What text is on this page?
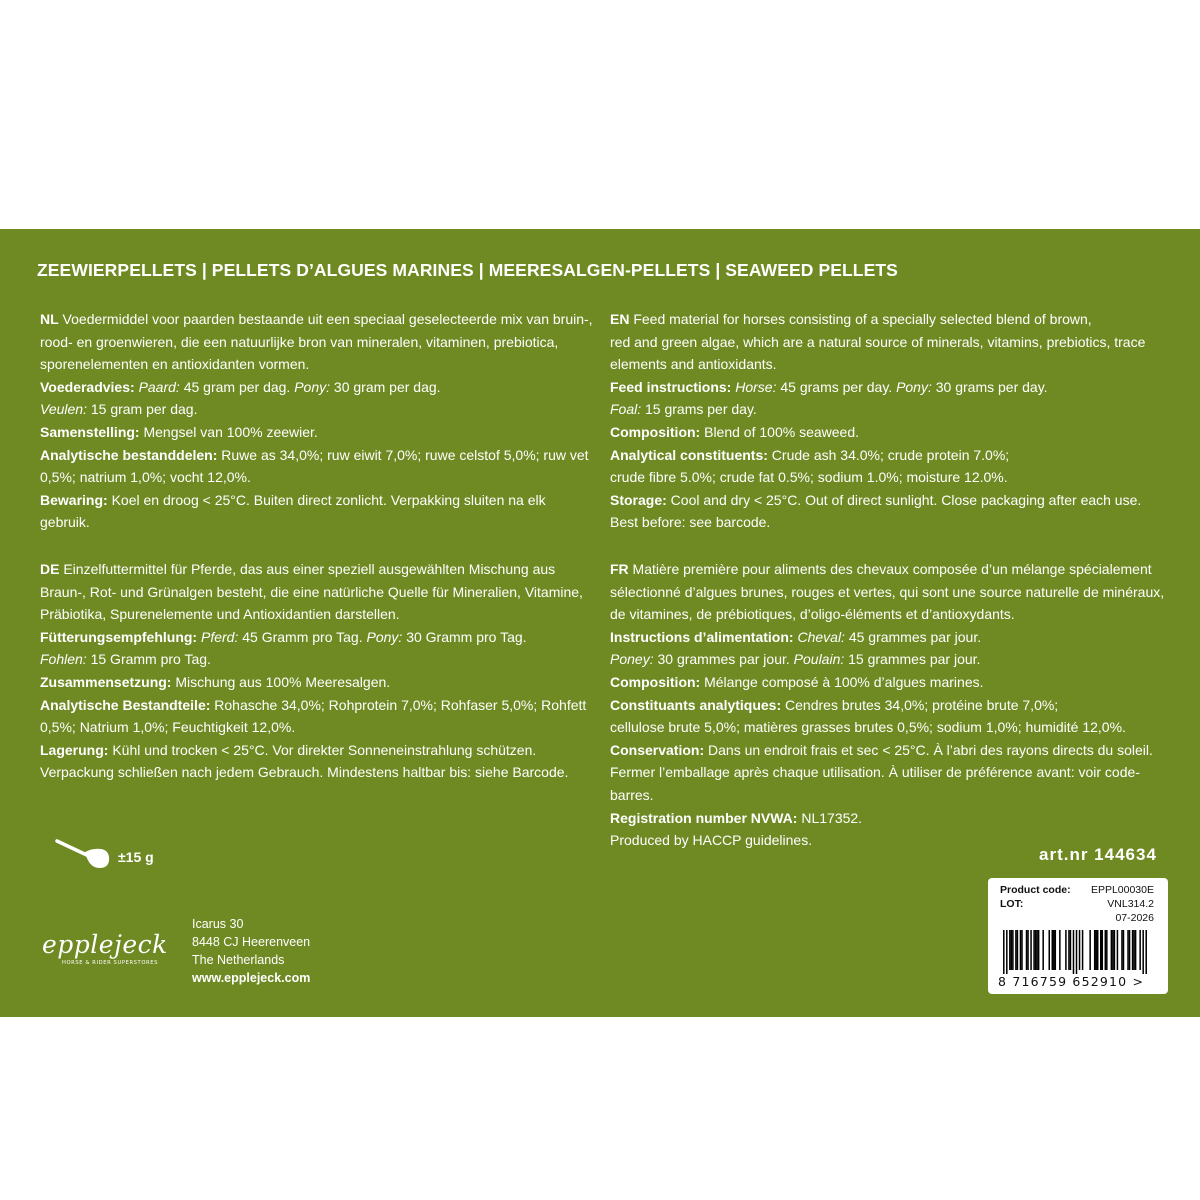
ZEEWIERPELLETS | PELLETS D’ALGUES MARINES | MEERESALGEN-PELLETS | SEAWEED PELLETS
NL Voedermiddel voor paarden bestaande uit een speciaal geselecteerde mix van bruin-,
rood- en groenwieren, die een natuurlijke bron van mineralen, vitaminen, prebiotica,
sporenelementen en antioxidanten vormen.
Voederadvies: Paard: 45 gram per dag. Pony: 30 gram per dag.
Veulen: 15 gram per dag.
Samenstelling: Mengsel van 100% zeewier.
Analytische bestanddelen: Ruwe as 34,0%; ruw eiwit 7,0%; ruwe celstof 5,0%; ruw vet
0,5%; natrium 1,0%; vocht 12,0%.
Bewaring: Koel en droog < 25°C. Buiten direct zonlicht. Verpakking sluiten na elk
gebruik.
DE Einzelfuttermittel für Pferde, das aus einer speziell ausgewählten Mischung aus
Braun-, Rot- und Grünalgen besteht, die eine natürliche Quelle für Mineralien, Vitamine,
Präbiotika, Spurenelemente und Antioxidantien darstellen.
Fütterungsempfehlung: Pferd: 45 Gramm pro Tag. Pony: 30 Gramm pro Tag.
Fohlen: 15 Gramm pro Tag.
Zusammensetzung: Mischung aus 100% Meeresalgen.
Analytische Bestandteile: Rohasche 34,0%; Rohprotein 7,0%; Rohfaser 5,0%; Rohfett
0,5%; Natrium 1,0%; Feuchtigkeit 12,0%.
Lagerung: Kühl und trocken < 25°C. Vor direkter Sonneneinstrahlung schützen.
Verpackung schließen nach jedem Gebrauch. Mindestens haltbar bis: siehe Barcode.
EN Feed material for horses consisting of a specially selected blend of brown,
red and green algae, which are a natural source of minerals, vitamins, prebiotics, trace
elements and antioxidants.
Feed instructions: Horse: 45 grams per day. Pony: 30 grams per day.
Foal: 15 grams per day.
Composition: Blend of 100% seaweed.
Analytical constituents: Crude ash 34.0%; crude protein 7.0%;
crude fibre 5.0%; crude fat 0.5%; sodium 1.0%; moisture 12.0%.
Storage: Cool and dry < 25°C. Out of direct sunlight. Close packaging after each use.
Best before: see barcode.
FR Matière première pour aliments des chevaux composée d’un mélange spécialement
sélectionné d’algues brunes, rouges et vertes, qui sont une source naturelle de minéraux,
de vitamines, de prébiotiques, d’oligo-éléments et d’antioxydants.
Instructions d’alimentation: Cheval: 45 grammes par jour.
Poney: 30 grammes par jour. Poulain: 15 grammes par jour.
Composition: Mélange composé à 100% d’algues marines.
Constituants analytiques: Cendres brutes 34,0%; protéine brute 7,0%;
cellulose brute 5,0%; matières grasses brutes 0,5%; sodium 1,0%; humidité 12,0%.
Conservation: Dans un endroit frais et sec < 25°C. À l’abri des rayons directs du soleil.
Fermer l’emballage après chaque utilisation. À utiliser de préférence avant: voir code-
barres.
Registration number NVWA: NL17352.
Produced by HACCP guidelines.
±15 g	art.nr 144634
epplejeck
HORSE & RIDER SUPERSTORES
Icarus 30
8448 CJ Heerenveen
The Netherlands
www.epplejeck.com
Product code: EPPL00030E
LOT:	VNL314.2
07-2026
8 716759 652910 >
